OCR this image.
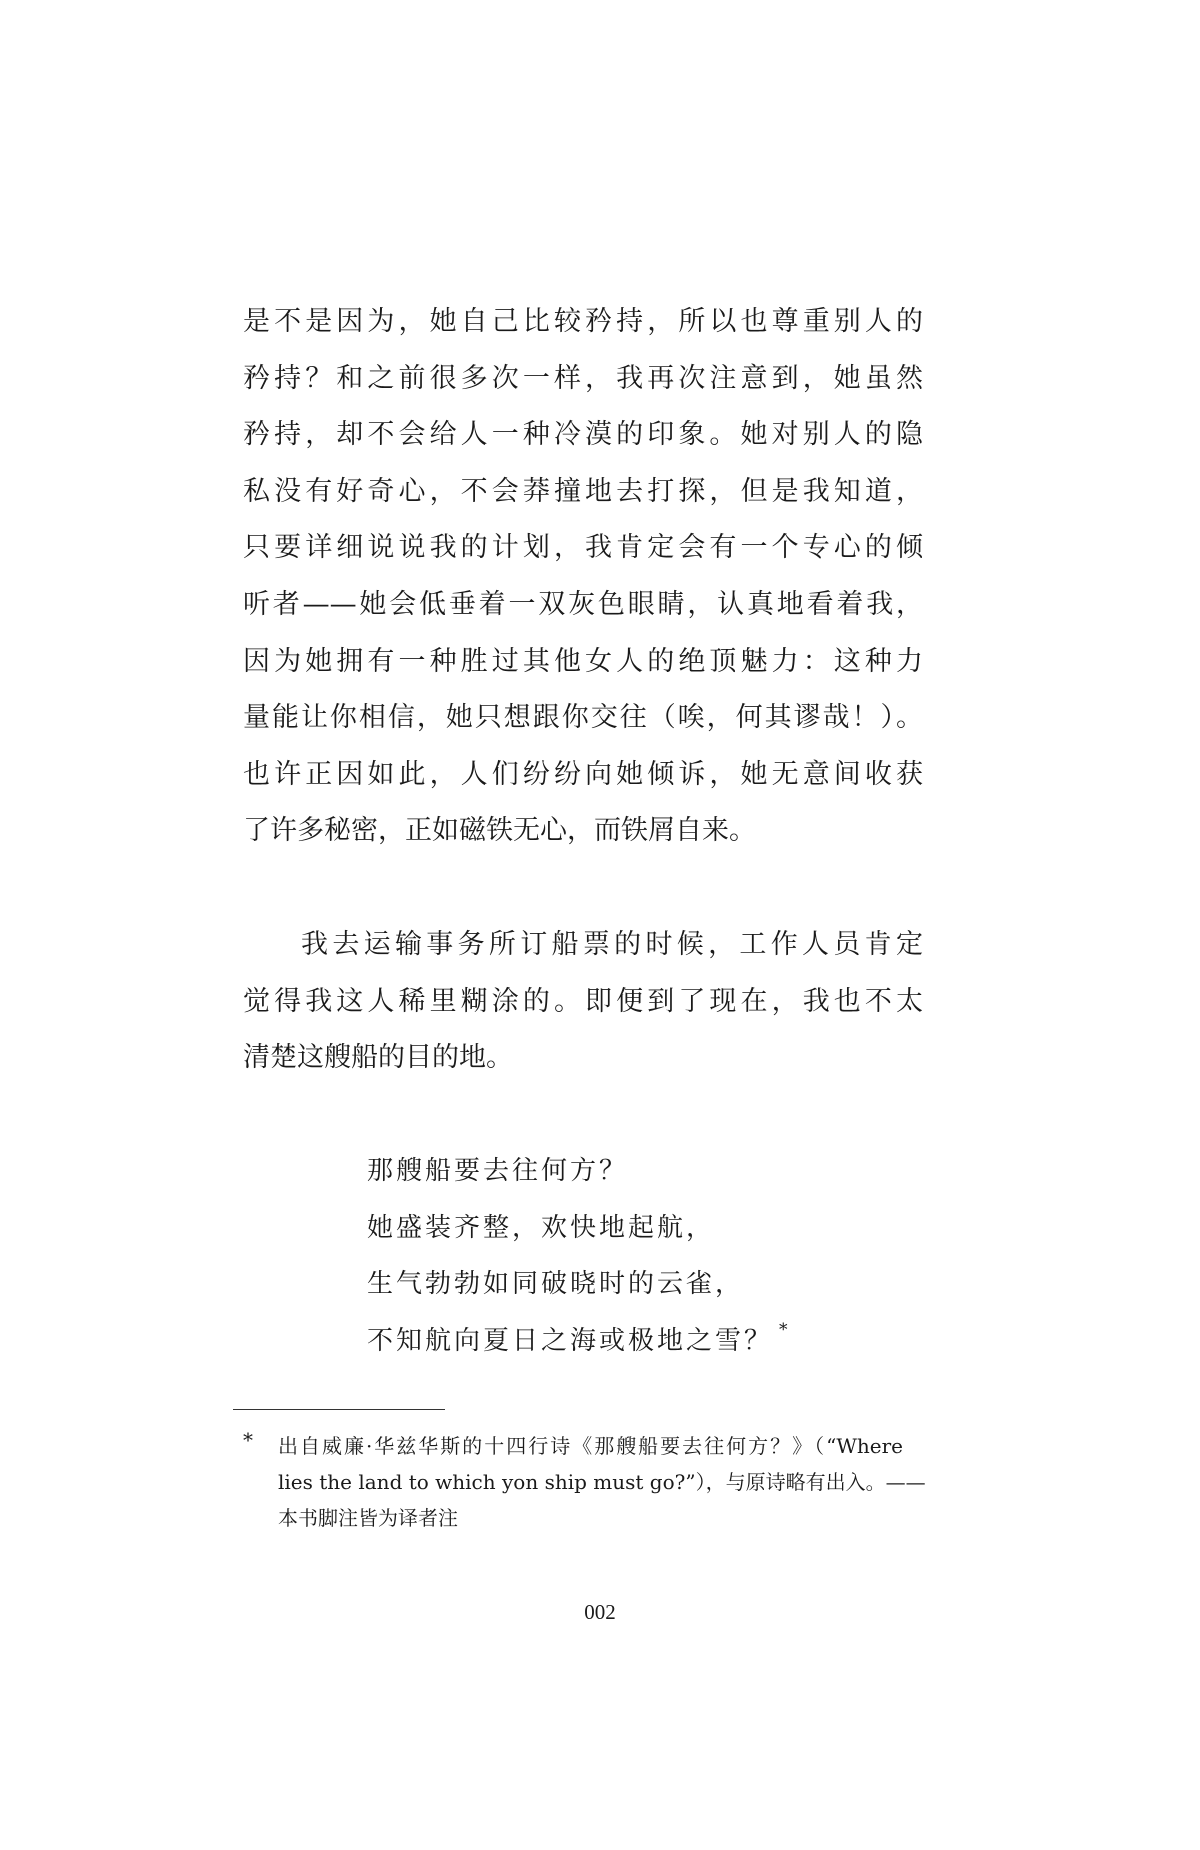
是不是因为，她自己比较矜持，所以也尊重别人的
矜持？和之前很多次一样，我再次注意到，她虽然
矜持，却不会给人一种冷漠的印象。她对别人的隐
私没有好奇心，不会莽撞地去打探，但是我知道，
只要详细说说我的计划，我肯定会有一个专心的倾
听者——她会低垂着一双灰色眼睛，认真地看着我，
因为她拥有一种胜过其他女人的绝顶魅力：这种力
量能让你相信，她只想跟你交往（唉，何其谬哉！）。
也许正因如此，人们纷纷向她倾诉，她无意间收获
了许多秘密，正如磁铁无心，而铁屑自来。
我去运输事务所订船票的时候，工作人员肯定
觉得我这人稀里糊涂的。即便到了现在，我也不太
清楚这艘船的目的地。
那艘船要去往何方？
她盛装齐整，欢快地起航，
生气勃勃如同破晓时的云雀，
不知航向夏日之海或极地之雪？ *
* 出自威廉·华兹华斯的十四行诗《那艘船要去往何方？》（“Where
lies the land to which yon ship must go?”），与原诗略有出入。——
本书脚注皆为译者注
002
